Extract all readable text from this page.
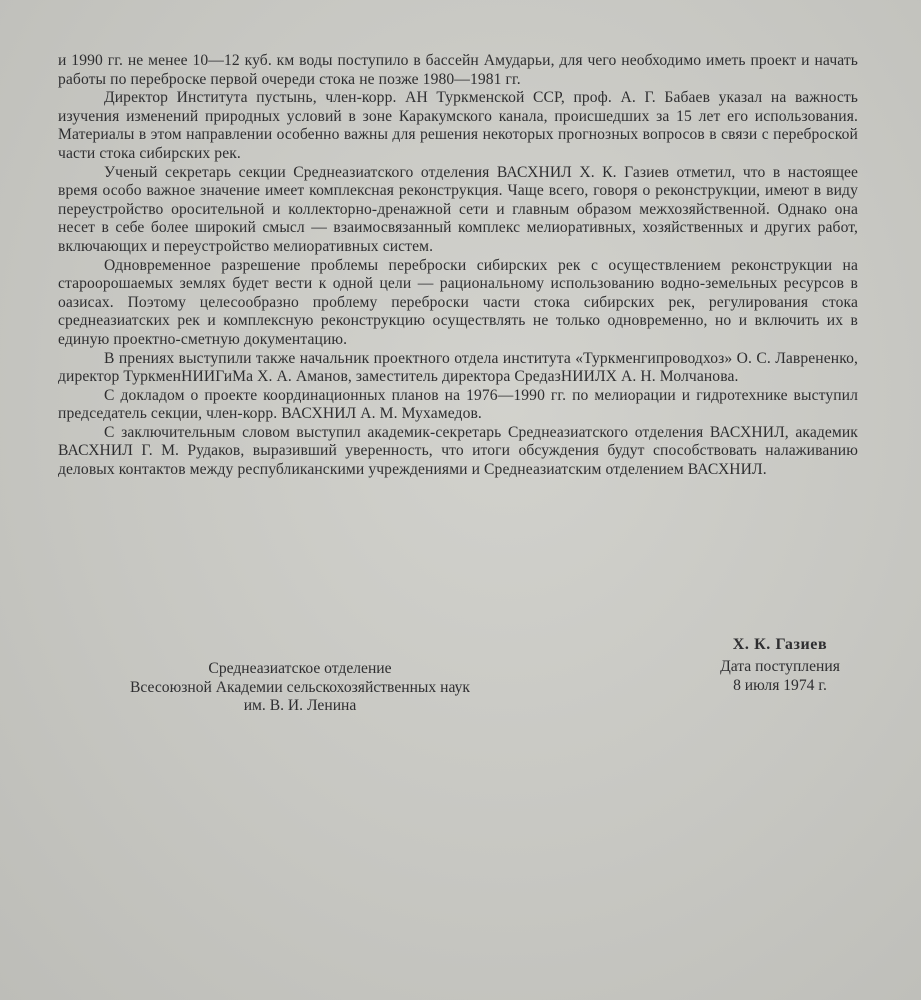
и 1990 гг. не менее 10—12 куб. км воды поступило в бассейн Амударьи, для чего необходимо иметь проект и начать работы по переброске первой очереди стока не позже 1980—1981 гг.

Директор Института пустынь, член-корр. АН Туркменской ССР, проф. А. Г. Бабаев указал на важность изучения изменений природных условий в зоне Каракумского канала, происшедших за 15 лет его использования. Материалы в этом направлении особенно важны для решения некоторых прогнозных вопросов в связи с переброской части стока сибирских рек.

Ученый секретарь секции Среднеазиатского отделения ВАСХНИЛ Х. К. Газиев отметил, что в настоящее время особо важное значение имеет комплексная реконструкция. Чаще всего, говоря о реконструкции, имеют в виду переустройство оросительной и коллекторно-дренажной сети и главным образом межхозяйственной. Однако она несет в себе более широкий смысл — взаимосвязанный комплекс мелиоративных, хозяйственных и других работ, включающих и переустройство мелиоративных систем.

Одновременное разрешение проблемы переброски сибирских рек с осуществлением реконструкции на староорошаемых землях будет вести к одной цели — рациональному использованию водно-земельных ресурсов в оазисах. Поэтому целесообразно проблему переброски части стока сибирских рек, регулирования стока среднеазиатских рек и комплексную реконструкцию осуществлять не только одновременно, но и включить их в единую проектно-сметную документацию.

В прениях выступили также начальник проектного отдела института «Туркменгипроводхоз» О. С. Лаврененко, директор ТуркменНИИГиМа Х. А. Аманов, заместитель директора СредазНИИЛХ А. Н. Молчанова.

С докладом о проекте координационных планов на 1976—1990 гг. по мелиорации и гидротехнике выступил председатель секции, член-корр. ВАСХНИЛ А. М. Мухамедов.

С заключительным словом выступил академик-секретарь Среднеазиатского отделения ВАСХНИЛ, академик ВАСХНИЛ Г. М. Рудаков, выразивший уверенность, что итоги обсуждения будут способствовать налаживанию деловых контактов между республиканскими учреждениями и Среднеазиатским отделением ВАСХНИЛ.

Х. К. Газиев
Среднеазиатское отделение
Всесоюзной Академии сельскохозяйственных наук
им. В. И. Ленина
Дата поступления
8 июля 1974 г.
